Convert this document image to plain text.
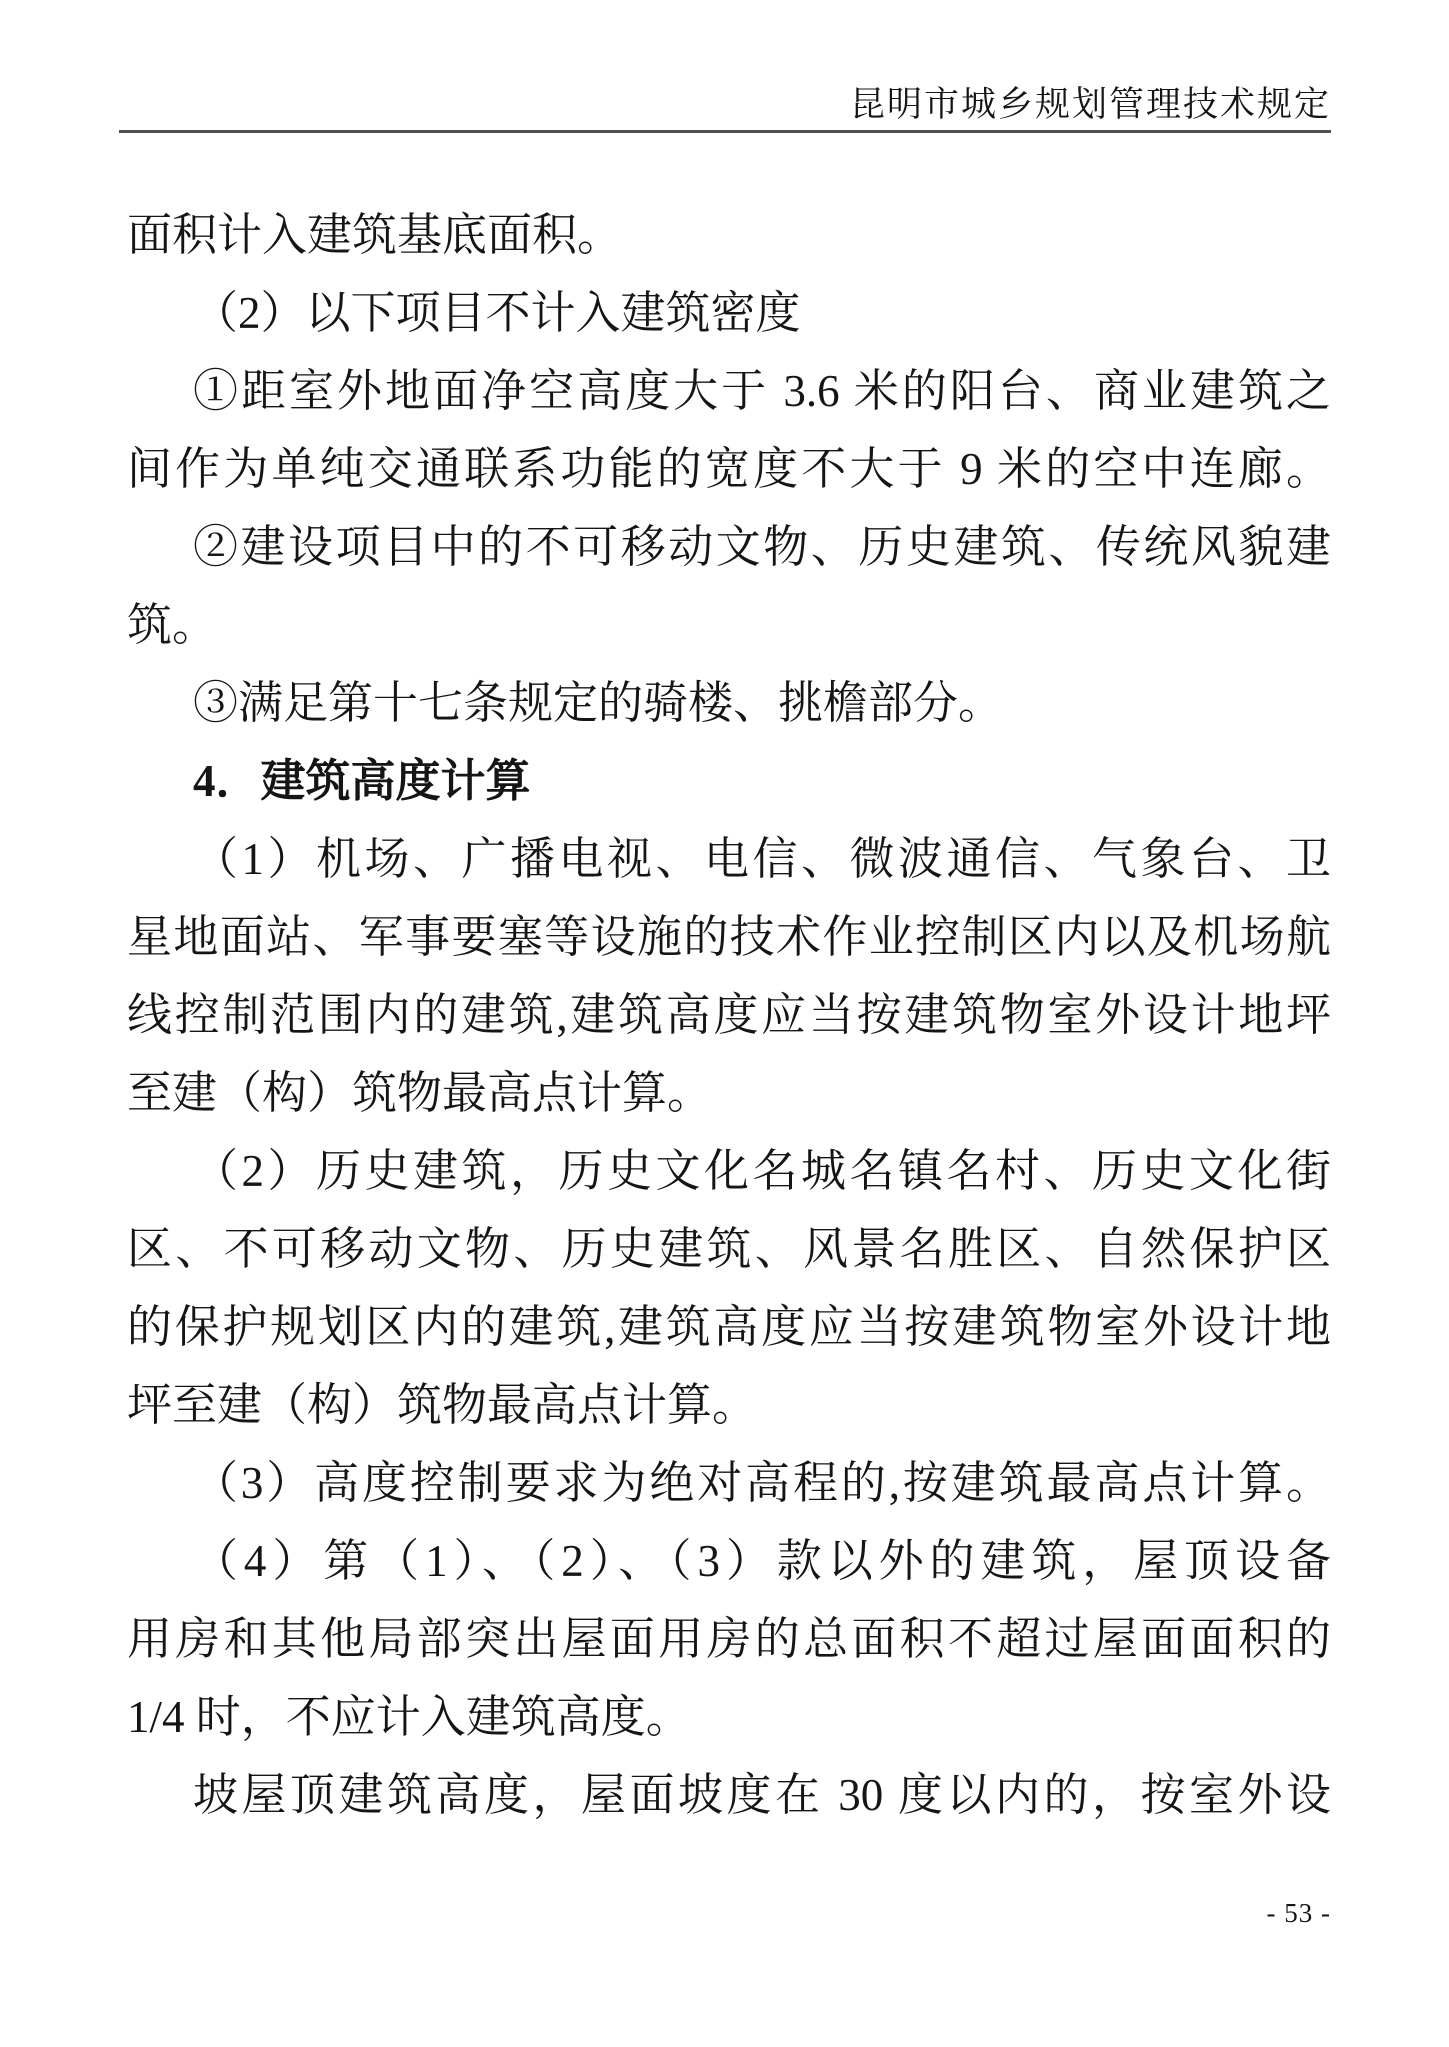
昆明市城乡规划管理技术规定
面积计入建筑基底面积。
（2）以下项目不计入建筑密度
①距室外地面净空高度大于 3.6 米的阳台、商业建筑之
间作为单纯交通联系功能的宽度不大于 9 米的空中连廊。
②建设项目中的不可移动文物、历史建筑、传统风貌建
筑。
③满足第十七条规定的骑楼、挑檐部分。
4．建筑高度计算
（1）机场、广播电视、电信、微波通信、气象台、卫
星地面站、军事要塞等设施的技术作业控制区内以及机场航
线控制范围内的建筑,建筑高度应当按建筑物室外设计地坪
至建（构）筑物最高点计算。
（2）历史建筑，历史文化名城名镇名村、历史文化街
区、不可移动文物、历史建筑、风景名胜区、自然保护区
的保护规划区内的建筑,建筑高度应当按建筑物室外设计地
坪至建（构）筑物最高点计算。
（3）高度控制要求为绝对高程的,按建筑最高点计算。
（4）第（1）、（2）、（3）款以外的建筑，屋顶设备
用房和其他局部突出屋面用房的总面积不超过屋面面积的
1/4 时，不应计入建筑高度。
坡屋顶建筑高度，屋面坡度在 30 度以内的，按室外设
- 53 -
